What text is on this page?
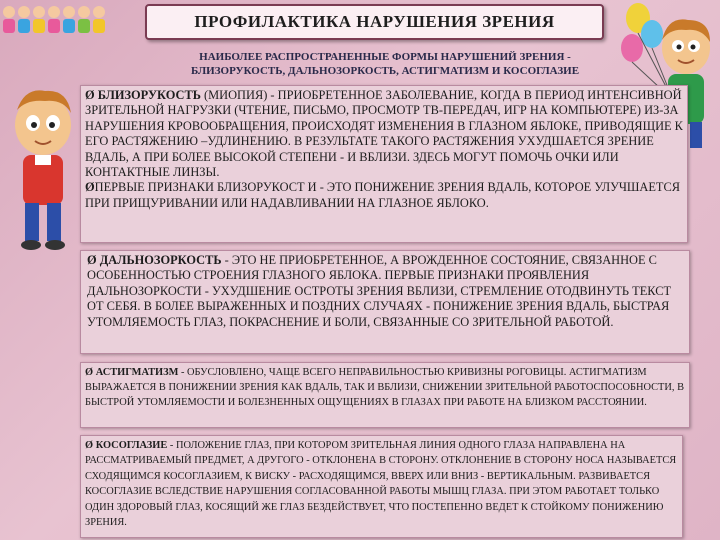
ПРОФИЛАКТИКА НАРУШЕНИЯ ЗРЕНИЯ
НАИБОЛЕЕ РАСПРОСТРАНЕННЫЕ ФОРМЫ НАРУШЕНИЙ ЗРЕНИЯ -
БЛИЗОРУКОСТЬ, ДАЛЬНОЗОРКОСТЬ, АСТИГМАТИЗМ И КОСОГЛАЗИЕ
Ø БЛИЗОРУКОСТЬ (МИОПИЯ) - ПРИОБРЕТЕННОЕ ЗАБОЛЕВАНИЕ, КОГДА В ПЕРИОД ИНТЕНСИВНОЙ ЗРИТЕЛЬНОЙ НАГРУЗКИ (ЧТЕНИЕ, ПИСЬМО, ПРОСМОТР ТВ-ПЕРЕДАЧ, ИГР НА КОМПЬЮТЕРЕ) ИЗ-ЗА НАРУШЕНИЯ КРОВООБРАЩЕНИЯ, ПРОИСХОДЯТ ИЗМЕНЕНИЯ В ГЛАЗНОМ ЯБЛОКЕ, ПРИВОДЯЩИЕ К ЕГО РАСТЯЖЕНИЮ –УДЛИНЕНИЮ. В РЕЗУЛЬТАТЕ ТАКОГО РАСТЯЖЕНИЯ УХУДШАЕТСЯ ЗРЕНИЕ ВДАЛЬ, А ПРИ БОЛЕЕ ВЫСОКОЙ СТЕПЕНИ - И ВБЛИЗИ. ЗДЕСЬ МОГУТ ПОМОЧЬ ОЧКИ ИЛИ КОНТАКТНЫЕ ЛИНЗЫ.
ØПЕРВЫЕ ПРИЗНАКИ БЛИЗОРУКОСТ И - ЭТО ПОНИЖЕНИЕ ЗРЕНИЯ ВДАЛЬ, КОТОРОЕ УЛУЧШАЕТСЯ ПРИ ПРИЩУРИВАНИИ ИЛИ НАДАВЛИВАНИИ НА ГЛАЗНОЕ ЯБЛОКО.
Ø ДАЛЬНОЗОРКОСТЬ - ЭТО НЕ ПРИОБРЕТЕННОЕ, А ВРОЖДЕННОЕ СОСТОЯНИЕ, СВЯЗАННОЕ С ОСОБЕННОСТЬЮ СТРОЕНИЯ ГЛАЗНОГО ЯБЛОКА. ПЕРВЫЕ ПРИЗНАКИ ПРОЯВЛЕНИЯ ДАЛЬНОЗОРКОСТИ - УХУДШЕНИЕ ОСТРОТЫ ЗРЕНИЯ ВБЛИЗИ, СТРЕМЛЕНИЕ ОТОДВИНУТЬ ТЕКСТ ОТ СЕБЯ. В БОЛЕЕ ВЫРАЖЕННЫХ И ПОЗДНИХ СЛУЧАЯХ - ПОНИЖЕНИЕ ЗРЕНИЯ ВДАЛЬ, БЫСТРАЯ УТОМЛЯЕМОСТЬ ГЛАЗ, ПОКРАСНЕНИЕ И БОЛИ, СВЯЗАННЫЕ СО ЗРИТЕЛЬНОЙ РАБОТОЙ.
Ø АСТИГМАТИЗМ - ОБУСЛОВЛЕНО, ЧАЩЕ ВСЕГО НЕПРАВИЛЬНОСТЬЮ КРИВИЗНЫ РОГОВИЦЫ. АСТИГМАТИЗМ ВЫРАЖАЕТСЯ В ПОНИЖЕНИИ ЗРЕНИЯ КАК ВДАЛЬ, ТАК И ВБЛИЗИ, СНИЖЕНИИ ЗРИТЕЛЬНОЙ РАБОТОСПОСОБНОСТИ, В БЫСТРОЙ УТОМЛЯЕМОСТИ И БОЛЕЗНЕННЫХ ОЩУЩЕНИЯХ В ГЛАЗАХ ПРИ РАБОТЕ НА БЛИЗКОМ РАССТОЯНИИ.
Ø КОСОГЛАЗИЕ - ПОЛОЖЕНИЕ ГЛАЗ, ПРИ КОТОРОМ ЗРИТЕЛЬНАЯ ЛИНИЯ ОДНОГО ГЛАЗА НАПРАВЛЕНА НА РАССМАТРИВАЕМЫЙ ПРЕДМЕТ, А ДРУГОГО - ОТКЛОНЕНА В СТОРОНУ. ОТКЛОНЕНИЕ В СТОРОНУ НОСА НАЗЫВАЕТСЯ СХОДЯЩИМСЯ КОСОГЛАЗИЕМ, К ВИСКУ - РАСХОДЯЩИМСЯ, ВВЕРХ ИЛИ ВНИЗ - ВЕРТИКАЛЬНЫМ. РАЗВИВАЕТСЯ КОСОГЛАЗИЕ ВСЛЕДСТВИЕ НАРУШЕНИЯ СОГЛАСОВАННОЙ РАБОТЫ МЫШЦ ГЛАЗА. ПРИ ЭТОМ РАБОТАЕТ ТОЛЬКО ОДИН ЗДОРОВЫЙ ГЛАЗ, КОСЯЩИЙ ЖЕ ГЛАЗ БЕЗДЕЙСТВУЕТ, ЧТО ПОСТЕПЕННО ВЕДЕТ К СТОЙКОМУ ПОНИЖЕНИЮ ЗРЕНИЯ.
